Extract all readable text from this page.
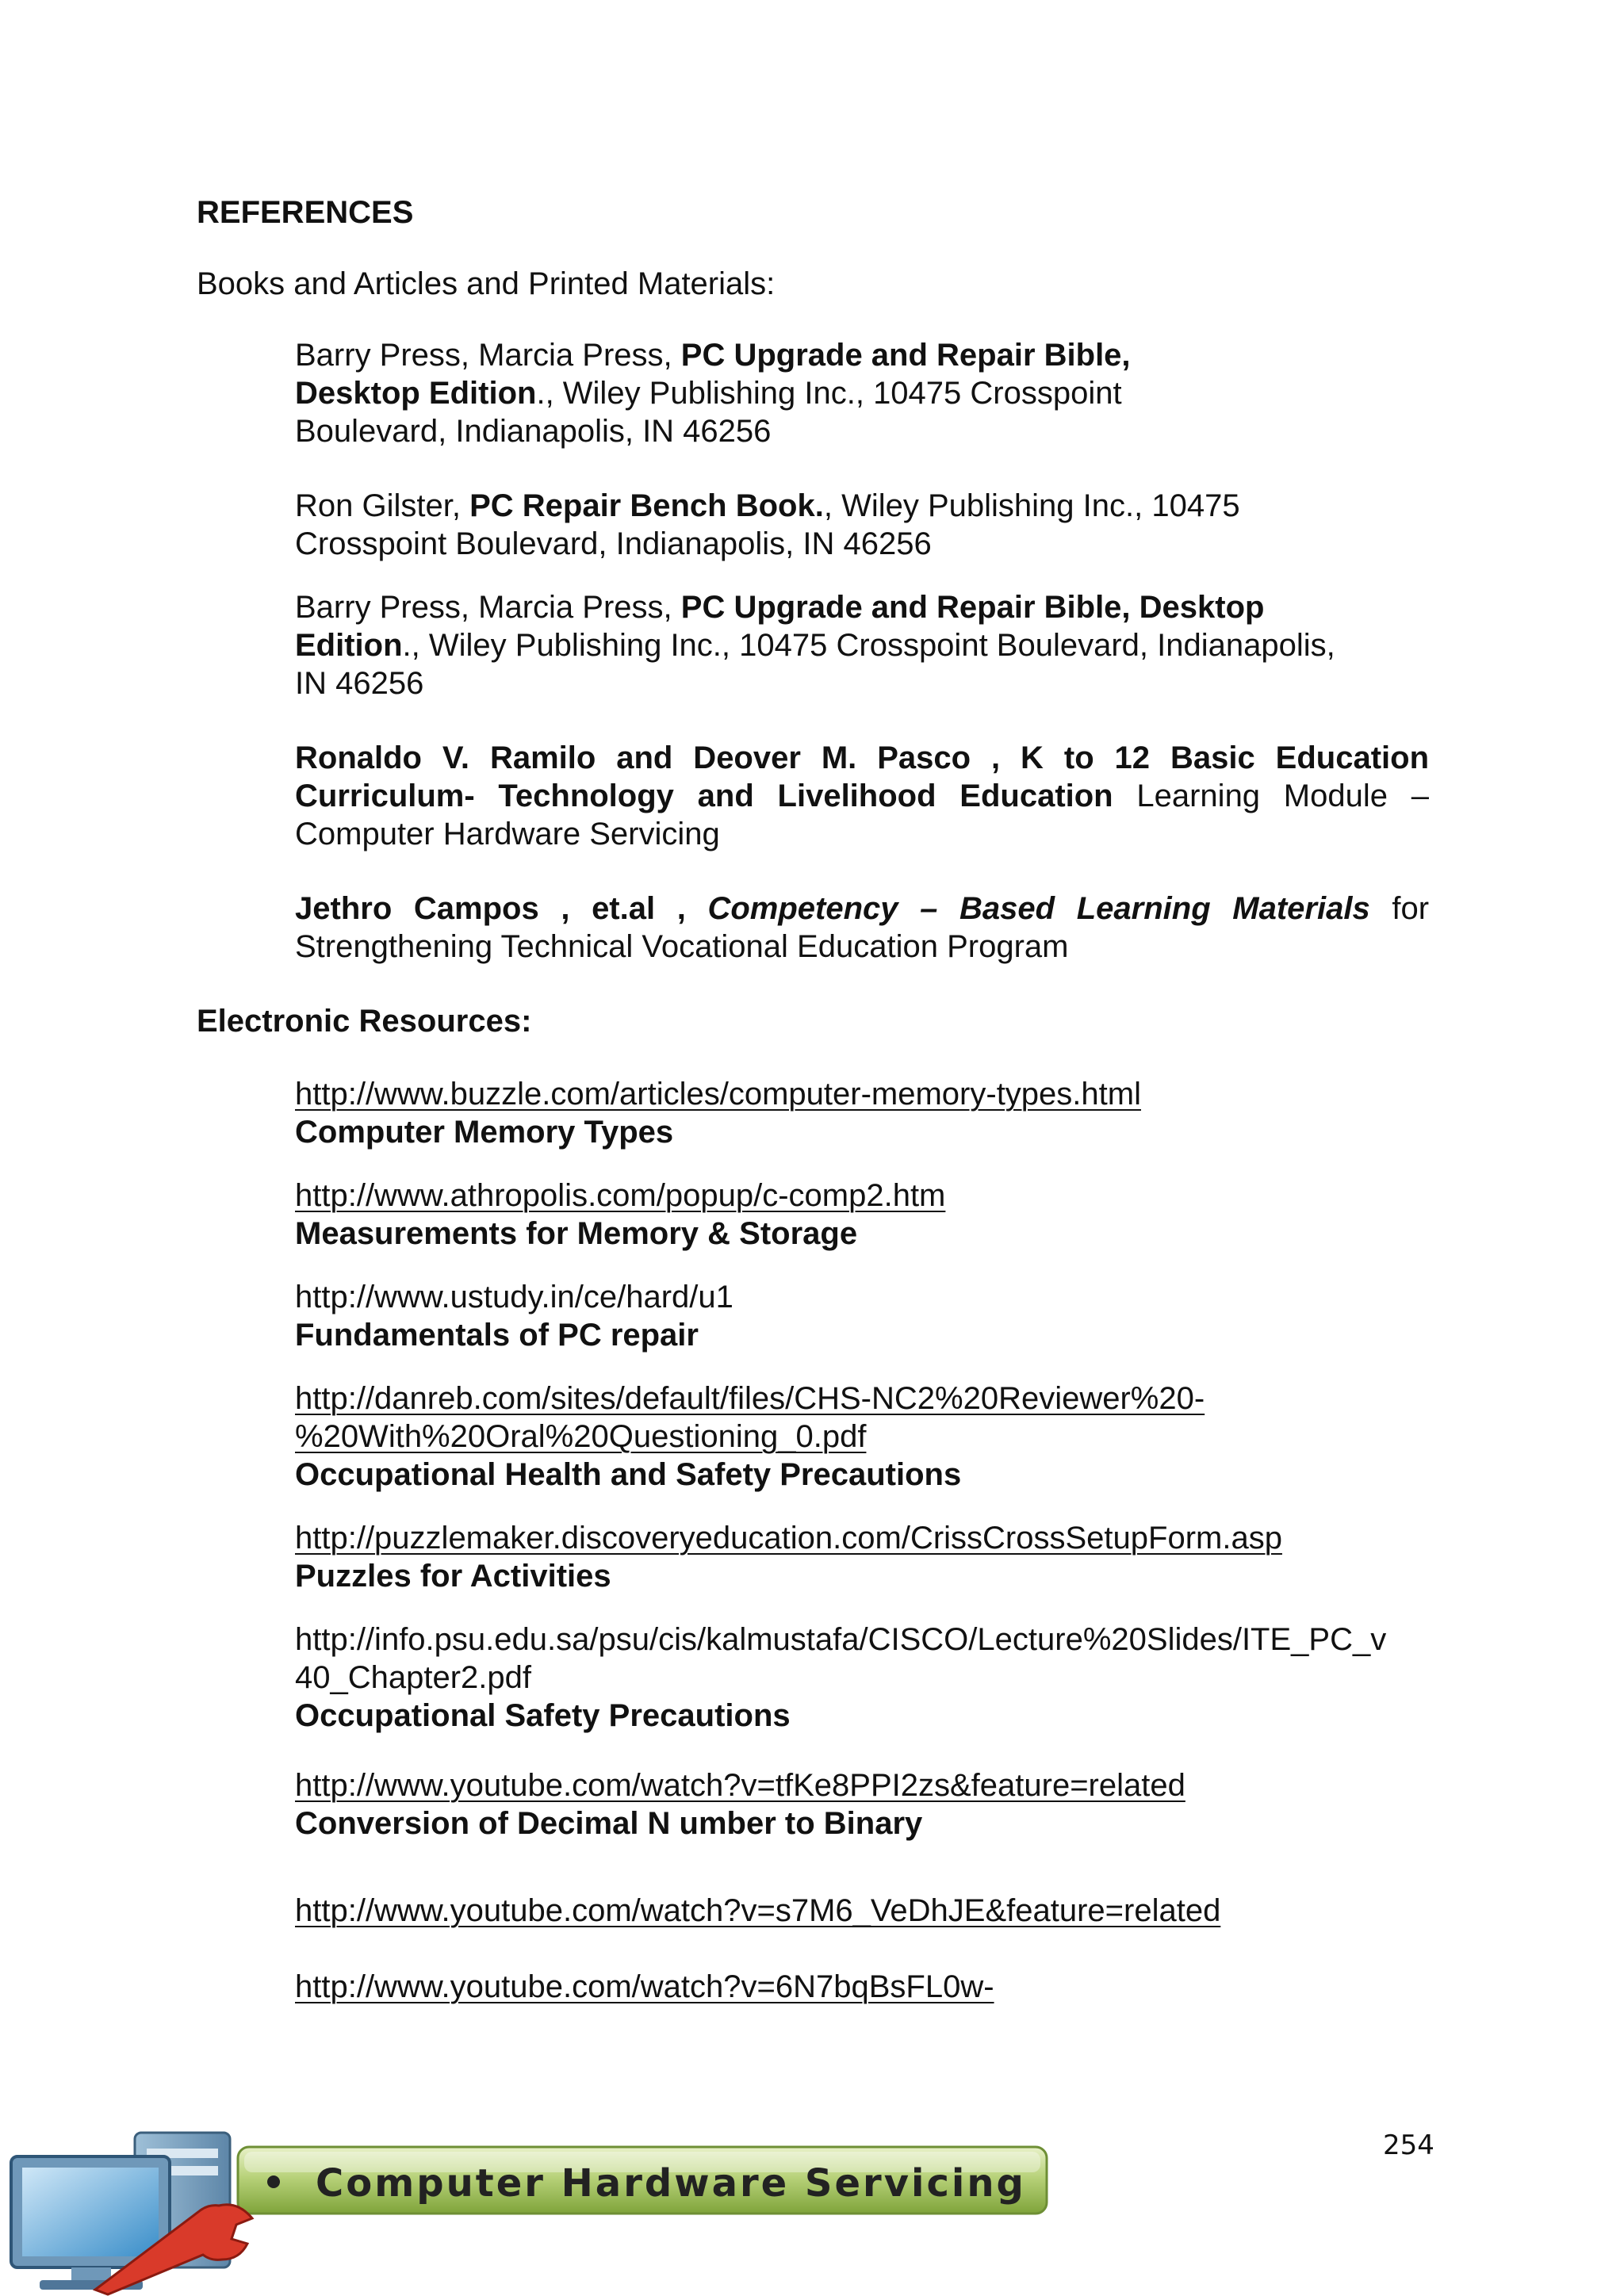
REFERENCES
Books and Articles and Printed Materials:
Barry Press, Marcia Press, PC Upgrade and Repair Bible,
Desktop Edition., Wiley Publishing Inc., 10475 Crosspoint
Boulevard, Indianapolis, IN 46256
Ron Gilster, PC Repair Bench Book., Wiley Publishing Inc., 10475
Crosspoint Boulevard, Indianapolis, IN 46256
Barry Press, Marcia Press, PC Upgrade and Repair Bible, Desktop
Edition., Wiley Publishing Inc., 10475 Crosspoint Boulevard, Indianapolis,
IN 46256
Ronaldo V. Ramilo and Deover M. Pasco , K to 12 Basic Education Curriculum- Technology and Livelihood Education Learning Module – Computer Hardware Servicing
Jethro Campos , et.al , Competency – Based Learning Materials for Strengthening Technical Vocational Education Program
Electronic Resources:
http://www.buzzle.com/articles/computer-memory-types.html
Computer Memory Types
http://www.athropolis.com/popup/c-comp2.htm
Measurements for Memory & Storage
http://www.ustudy.in/ce/hard/u1
Fundamentals of PC repair
http://danreb.com/sites/default/files/CHS-NC2%20Reviewer%20-
%20With%20Oral%20Questioning_0.pdf
Occupational Health and Safety Precautions
http://puzzlemaker.discoveryeducation.com/CrissCrossSetupForm.asp
Puzzles for Activities
http://info.psu.edu.sa/psu/cis/kalmustafa/CISCO/Lecture%20Slides/ITE_PC_v
40_Chapter2.pdf
Occupational Safety Precautions
http://www.youtube.com/watch?v=tfKe8PPI2zs&feature=related
Conversion of Decimal N umber to Binary
http://www.youtube.com/watch?v=s7M6_VeDhJE&feature=related
http://www.youtube.com/watch?v=6N7bqBsFL0w-
254
Computer Hardware Servicing
